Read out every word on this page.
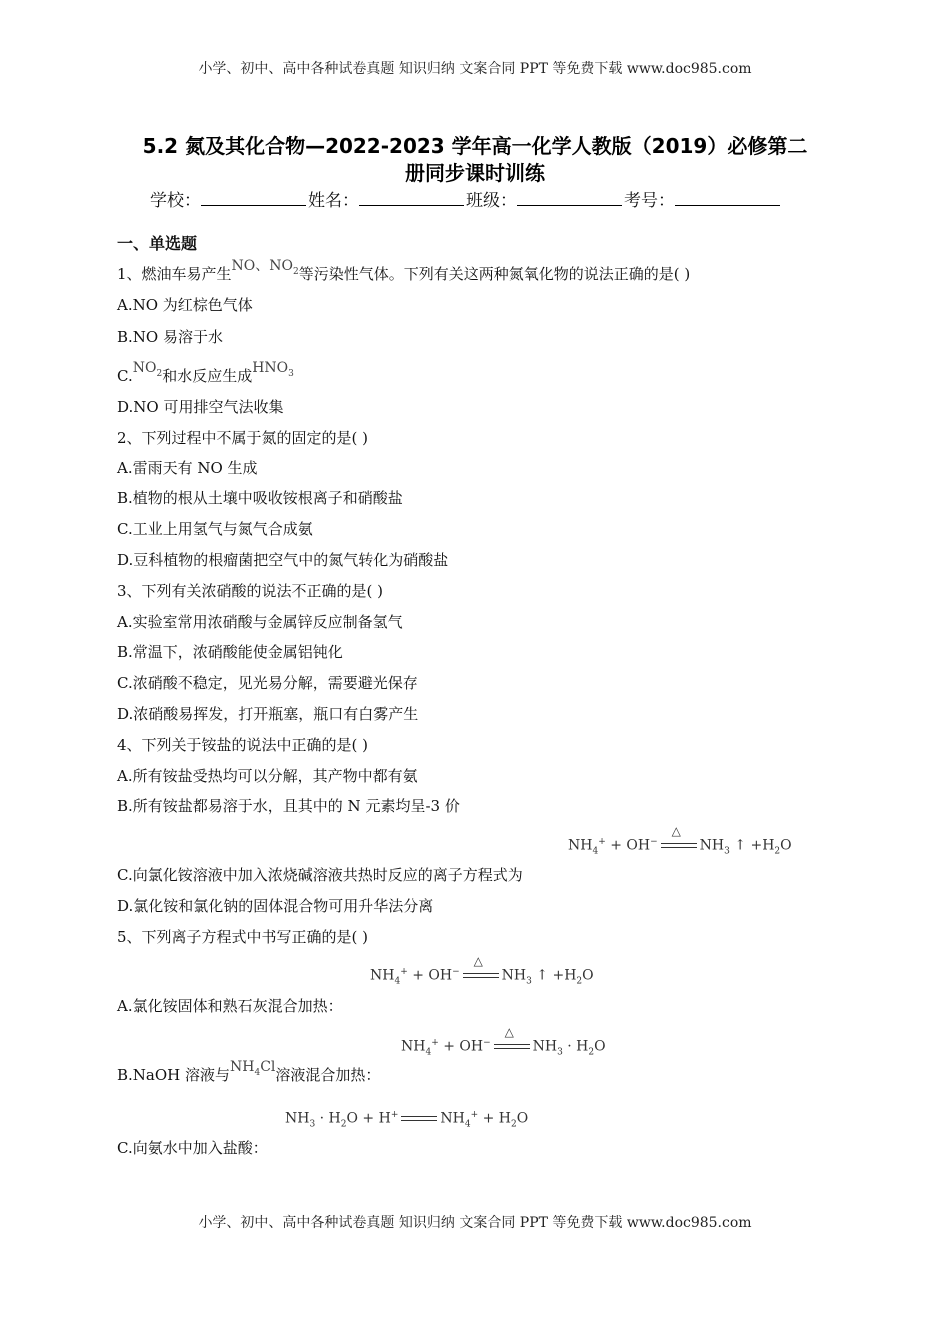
小学、初中、高中各种试卷真题 知识归纳 文案合同 PPT 等免费下载 www.doc985.com
5.2 氮及其化合物—2022-2023 学年高一化学人教版（2019）必修第二
册同步课时训练
学校：	姓名：	班级：	考号：
一、单选题
1、燃油车易产生NO、$NO_2$等污染性气体。下列有关这两种氮氧化物的说法正确的是( )
A.NO 为红棕色气体
B.NO 易溶于水
$C.NO_2$和水反应生成$HNO_3$
D.NO 可用排空气法收集
2、下列过程中不属于氮的固定的是( )
A.雷雨天有 NO 生成
B.植物的根从土壤中吸收铵根离子和硝酸盐
C.工业上用氢气与氮气合成氨
D.豆科植物的根瘤菌把空气中的氮气转化为硝酸盐
3、下列有关浓硝酸的说法不正确的是( )
A.实验室常用浓硝酸与金属锌反应制备氢气
B.常温下，浓硝酸能使金属铝钝化
C.浓硝酸不稳定，见光易分解，需要避光保存
D.浓硝酸易挥发，打开瓶塞，瓶口有白雾产生
4、下列关于铵盐的说法中正确的是( )
A.所有铵盐受热均可以分解，其产物中都有氨
B.所有铵盐都易溶于水，且其中的 N 元素均呈-3 价
$NH_4^+ + OH^-$
△
$NH_3$ ↑ $+H_2O$
C.向氯化铵溶液中加入浓烧碱溶液共热时反应的离子方程式为
D.氯化铵和氯化钠的固体混合物可用升华法分离
5、下列离子方程式中书写正确的是( )
$NH_4^+ + OH^-$
△
$NH_3$ ↑ $+H_2O$
A.氯化铵固体和熟石灰混合加热：
$NH_4^+ + OH^-$
△
$NH_3 \cdot H_2O$
B.NaOH 溶液与$NH_4Cl$溶液混合加热：
$NH_3 \cdot H_2O + H^+$	$NH_4^+ + H_2O$
C.向氨水中加入盐酸：
小学、初中、高中各种试卷真题 知识归纳 文案合同 PPT 等免费下载 www.doc985.com
